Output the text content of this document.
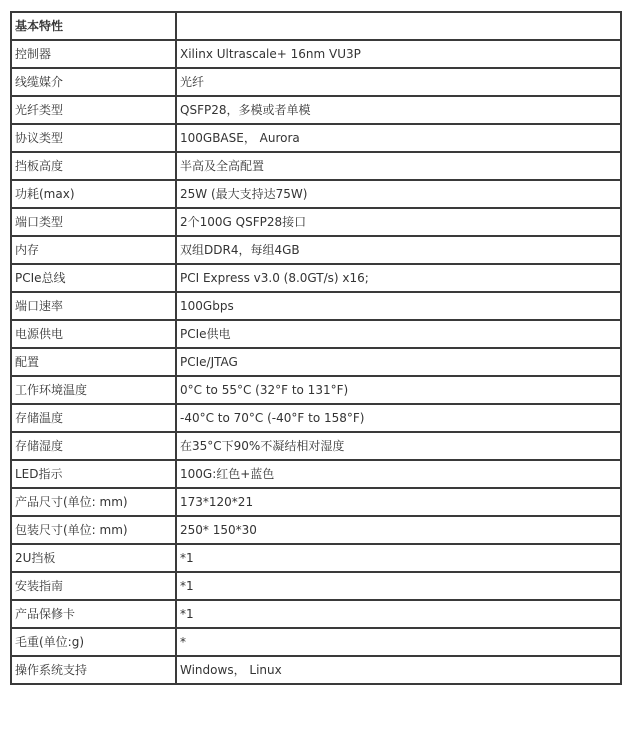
基本特性	
控制器	Xilinx Ultrascale+ 16nm VU3P
线缆媒介	光纤
光纤类型	QSFP28，多模或者单模
协议类型	100GBASE， Aurora
挡板高度	半高及全高配置
功耗(max)	25W (最大支持达75W)
端口类型	2个100G QSFP28接口
内存	双组DDR4，每组4GB
PCIe总线	PCI Express v3.0 (8.0GT/s) x16;
端口速率	100Gbps
电源供电	PCIe供电
配置	PCIe/JTAG
工作环境温度	0°C to 55°C (32°F to 131°F)
存储温度	-40°C to 70°C (-40°F to 158°F)
存储湿度	在35°C下90%不凝结相对湿度
LED指示	100G:红色+蓝色
产品尺寸(单位: mm)	173*120*21
包装尺寸(单位: mm)	250* 150*30
2U挡板	*1
安装指南	*1
产品保修卡	*1
毛重(单位:g)	*
操作系统支持	Windows， Linux
